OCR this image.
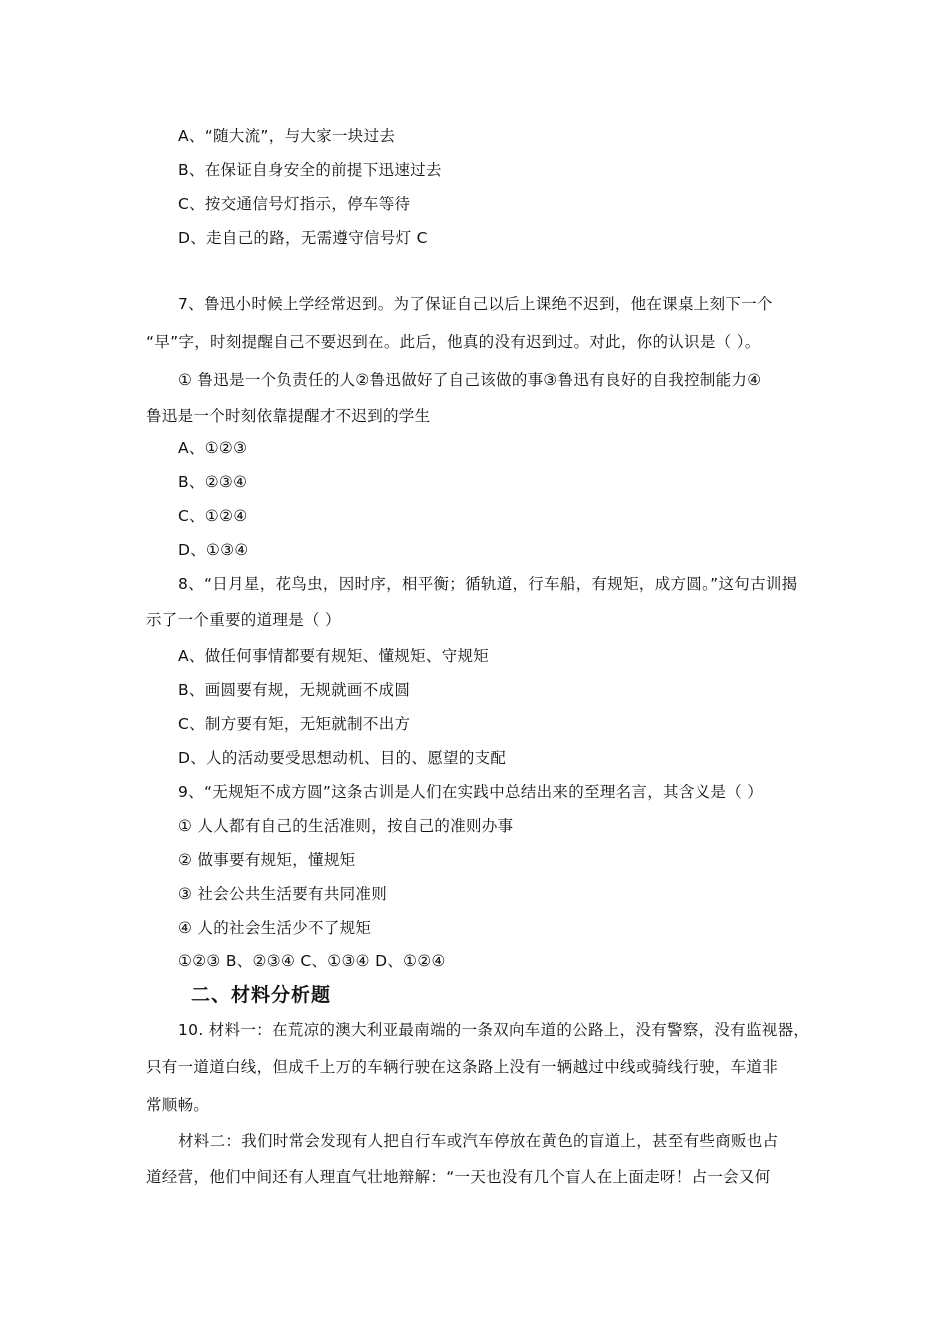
A、“随大流”，与大家一块过去
B、在保证自身安全的前提下迅速过去
C、按交通信号灯指示，停车等待
D、走自己的路，无需遵守信号灯 C
7、鲁迅小时候上学经常迟到。为了保证自己以后上课绝不迟到，他在课桌上刻下一个
“早”字，时刻提醒自己不要迟到在。此后，他真的没有迟到过。对此，你的认识是（ ）。
① 鲁迅是一个负责任的人②鲁迅做好了自己该做的事③鲁迅有良好的自我控制能力④
鲁迅是一个时刻依靠提醒才不迟到的学生
A、①②③
B、②③④
C、①②④
D、①③④
8、“日月星，花鸟虫，因时序，相平衡；循轨道，行车船，有规矩，成方圆。”这句古训揭
示了一个重要的道理是（ ）
A、做任何事情都要有规矩、懂规矩、守规矩
B、画圆要有规，无规就画不成圆
C、制方要有矩，无矩就制不出方
D、人的活动要受思想动机、目的、愿望的支配
9、“无规矩不成方圆”这条古训是人们在实践中总结出来的至理名言，其含义是（ ）
① 人人都有自己的生活准则，按自己的准则办事
② 做事要有规矩，懂规矩
③ 社会公共生活要有共同准则
④ 人的社会生活少不了规矩
①②③ B、②③④ C、①③④ D、①②④
二、材料分析题
10. 材料一：在荒凉的澳大利亚最南端的一条双向车道的公路上，没有警察，没有监视器，
只有一道道白线，但成千上万的车辆行驶在这条路上没有一辆越过中线或骑线行驶，车道非
常顺畅。
材料二：我们时常会发现有人把自行车或汽车停放在黄色的盲道上，甚至有些商贩也占
道经营，他们中间还有人理直气壮地辩解：“一天也没有几个盲人在上面走呀！占一会又何
